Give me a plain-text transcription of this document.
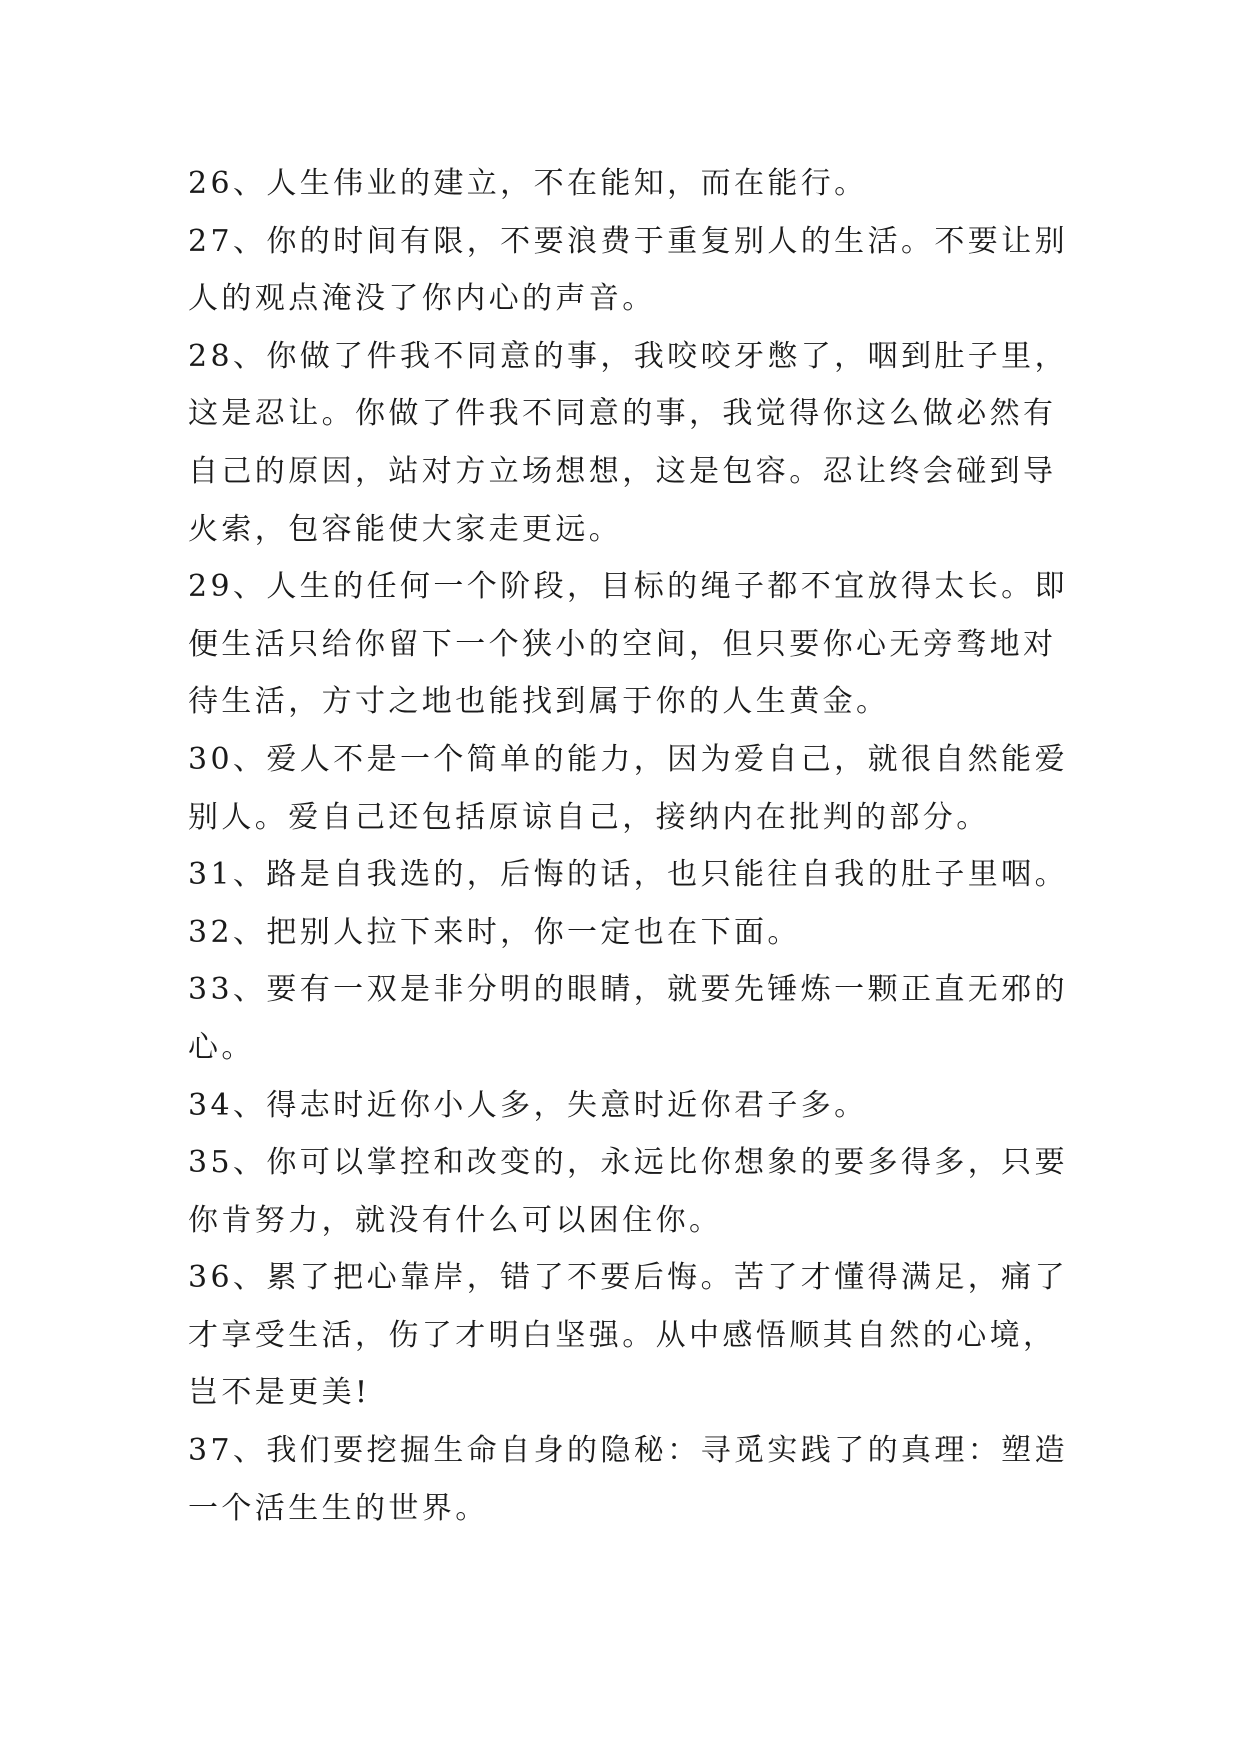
26、人生伟业的建立，不在能知，而在能行。

27、你的时间有限，不要浪费于重复别人的生活。不要让别

人的观点淹没了你内心的声音。

28、你做了件我不同意的事，我咬咬牙憋了，咽到肚子里，

这是忍让。你做了件我不同意的事，我觉得你这么做必然有

自己的原因，站对方立场想想，这是包容。忍让终会碰到导

火索，包容能使大家走更远。

29、人生的任何一个阶段，目标的绳子都不宜放得太长。即

便生活只给你留下一个狭小的空间，但只要你心无旁骛地对

待生活，方寸之地也能找到属于你的人生黄金。

30、爱人不是一个简单的能力，因为爱自己，就很自然能爱

别人。爱自己还包括原谅自己，接纳内在批判的部分。

31、路是自我选的，后悔的话，也只能往自我的肚子里咽。

32、把别人拉下来时，你一定也在下面。

33、要有一双是非分明的眼睛，就要先锤炼一颗正直无邪的

心。

34、得志时近你小人多，失意时近你君子多。

35、你可以掌控和改变的，永远比你想象的要多得多，只要

你肯努力，就没有什么可以困住你。

36、累了把心靠岸，错了不要后悔。苦了才懂得满足，痛了

才享受生活，伤了才明白坚强。从中感悟顺其自然的心境，

岂不是更美!

37、我们要挖掘生命自身的隐秘：寻觅实践了的真理：塑造

一个活生生的世界。
